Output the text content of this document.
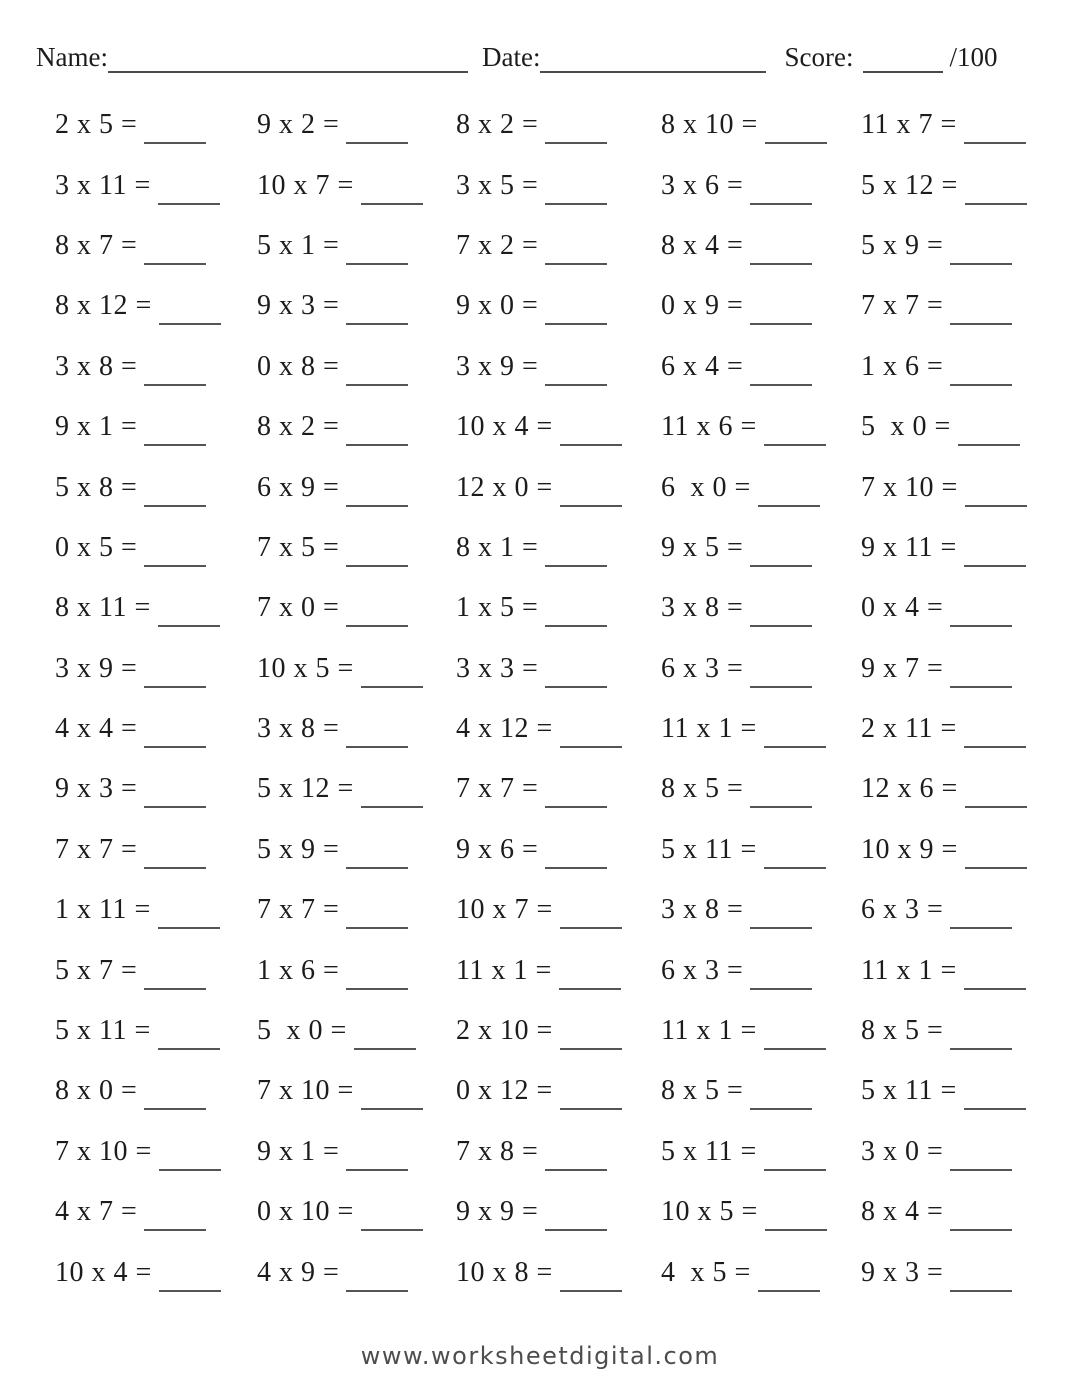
Name:	Date:	Score:	/100
2 x 5 =	9 x 2 =	8 x 2 =	8 x 10 =	11 x 7 =
3 x 11 =	10 x 7 =	3 x 5 =	3 x 6 =	5 x 12 =
8 x 7 =	5 x 1 =	7 x 2 =	8 x 4 =	5 x 9 =
8 x 12 =	9 x 3 =	9 x 0 =	0 x 9 =	7 x 7 =
3 x 8 =	0 x 8 =	3 x 9 =	6 x 4 =	1 x 6 =
9 x 1 =	8 x 2 =	10 x 4 =	11 x 6 =	5  x 0 =
5 x 8 =	6 x 9 =	12 x 0 =	6  x 0 =	7 x 10 =
0 x 5 =	7 x 5 =	8 x 1 =	9 x 5 =	9 x 11 =
8 x 11 =	7 x 0 =	1 x 5 =	3 x 8 =	0 x 4 =
3 x 9 =	10 x 5 =	3 x 3 =	6 x 3 =	9 x 7 =
4 x 4 =	3 x 8 =	4 x 12 =	11 x 1 =	2 x 11 =
9 x 3 =	5 x 12 =	7 x 7 =	8 x 5 =	12 x 6 =
7 x 7 =	5 x 9 =	9 x 6 =	5 x 11 =	10 x 9 =
1 x 11 =	7 x 7 =	10 x 7 =	3 x 8 =	6 x 3 =
5 x 7 =	1 x 6 =	11 x 1 =	6 x 3 =	11 x 1 =
5 x 11 =	5  x 0 =	2 x 10 =	11 x 1 =	8 x 5 =
8 x 0 =	7 x 10 =	0 x 12 =	8 x 5 =	5 x 11 =
7 x 10 =	9 x 1 =	7 x 8 =	5 x 11 =	3 x 0 =
4 x 7 =	0 x 10 =	9 x 9 =	10 x 5 =	8 x 4 =
10 x 4 =	4 x 9 =	10 x 8 =	4  x 5 =	9 x 3 =
www.worksheetdigital.com
